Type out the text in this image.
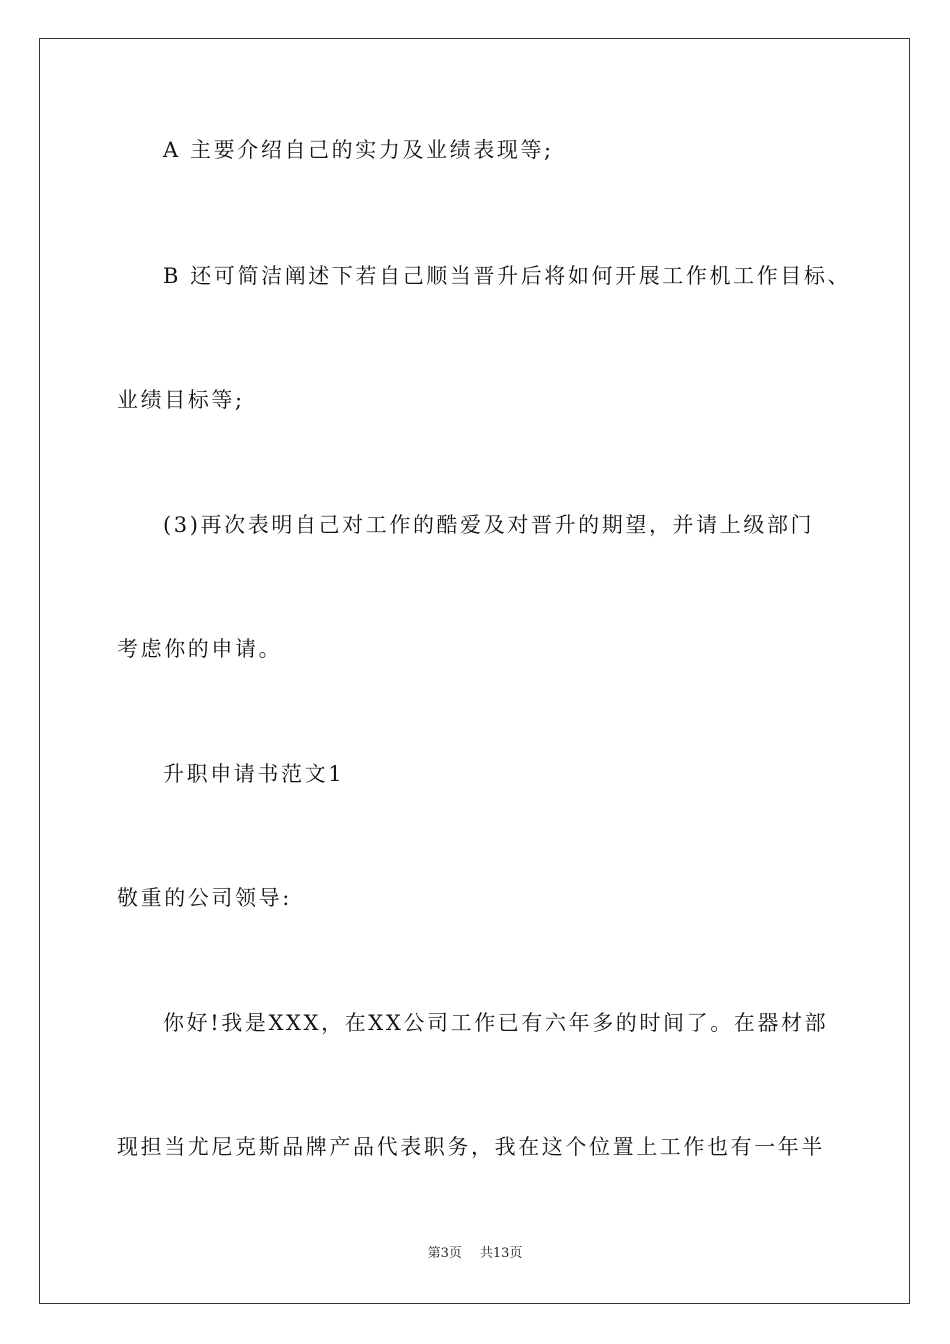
A 主要介绍自己的实力及业绩表现等;
B 还可简洁阐述下若自己顺当晋升后将如何开展工作机工作目标、
业绩目标等;
(3)再次表明自己对工作的酷爱及对晋升的期望，并请上级部门
考虑你的申请。
升职申请书范文1
敬重的公司领导:
你好!我是XXX，在XX公司工作已有六年多的时间了。在器材部
现担当尤尼克斯品牌产品代表职务，我在这个位置上工作也有一年半
第3页 共13页
